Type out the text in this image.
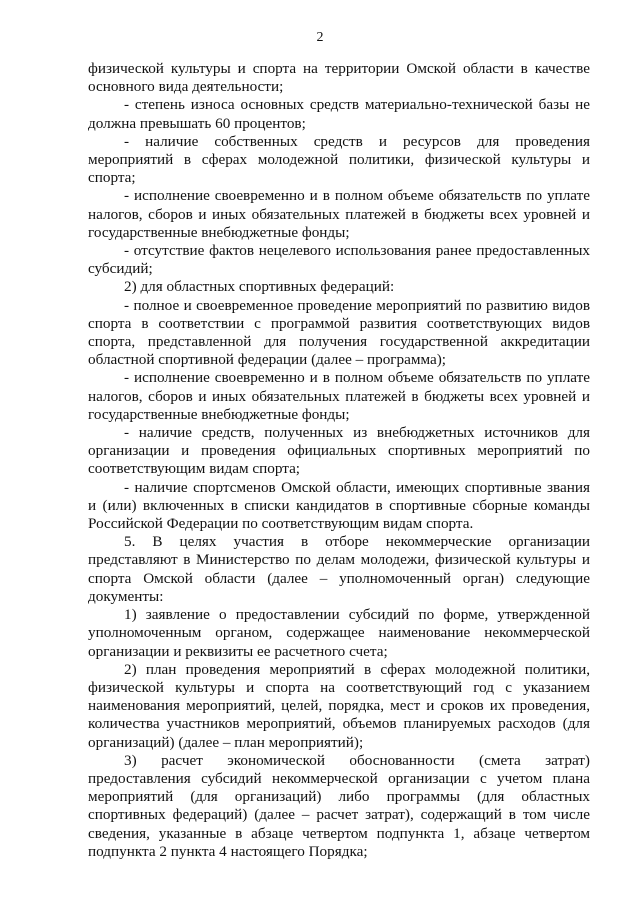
2

физической культуры и спорта на территории Омской области в качестве основного вида деятельности;

- степень износа основных средств материально-технической базы не должна превышать 60 процентов;

- наличие собственных средств и ресурсов для проведения мероприятий в сферах молодежной политики, физической культуры и спорта;

- исполнение своевременно и в полном объеме обязательств по уплате налогов, сборов и иных обязательных платежей в бюджеты всех уровней и государственные внебюджетные фонды;

- отсутствие фактов нецелевого использования ранее предоставленных субсидий;

2) для областных спортивных федераций:

- полное и своевременное проведение мероприятий по развитию видов спорта в соответствии с программой развития соответствующих видов спорта, представленной для получения государственной аккредитации областной спортивной федерации (далее – программа);

- исполнение своевременно и в полном объеме обязательств по уплате налогов, сборов и иных обязательных платежей в бюджеты всех уровней и государственные внебюджетные фонды;

- наличие средств, полученных из внебюджетных источников для организации и проведения официальных спортивных мероприятий по соответствующим видам спорта;

- наличие спортсменов Омской области, имеющих спортивные звания и (или) включенных в списки кандидатов в спортивные сборные команды Российской Федерации по соответствующим видам спорта.

5. В целях участия в отборе некоммерческие организации представляют в Министерство по делам молодежи, физической культуры и спорта Омской области (далее – уполномоченный орган) следующие документы:

1) заявление о предоставлении субсидий по форме, утвержденной уполномоченным органом, содержащее наименование некоммерческой организации и реквизиты ее расчетного счета;

2) план проведения мероприятий в сферах молодежной политики, физической культуры и спорта на соответствующий год с указанием наименования мероприятий, целей, порядка, мест и сроков их проведения, количества участников мероприятий, объемов планируемых расходов (для организаций) (далее – план мероприятий);

3) расчет экономической обоснованности (смета затрат) предоставления субсидий некоммерческой организации с учетом плана мероприятий (для организаций) либо программы (для областных спортивных федераций) (далее – расчет затрат), содержащий в том числе сведения, указанные в абзаце четвертом подпункта 1, абзаце четвертом подпункта 2 пункта 4 настоящего Порядка;
